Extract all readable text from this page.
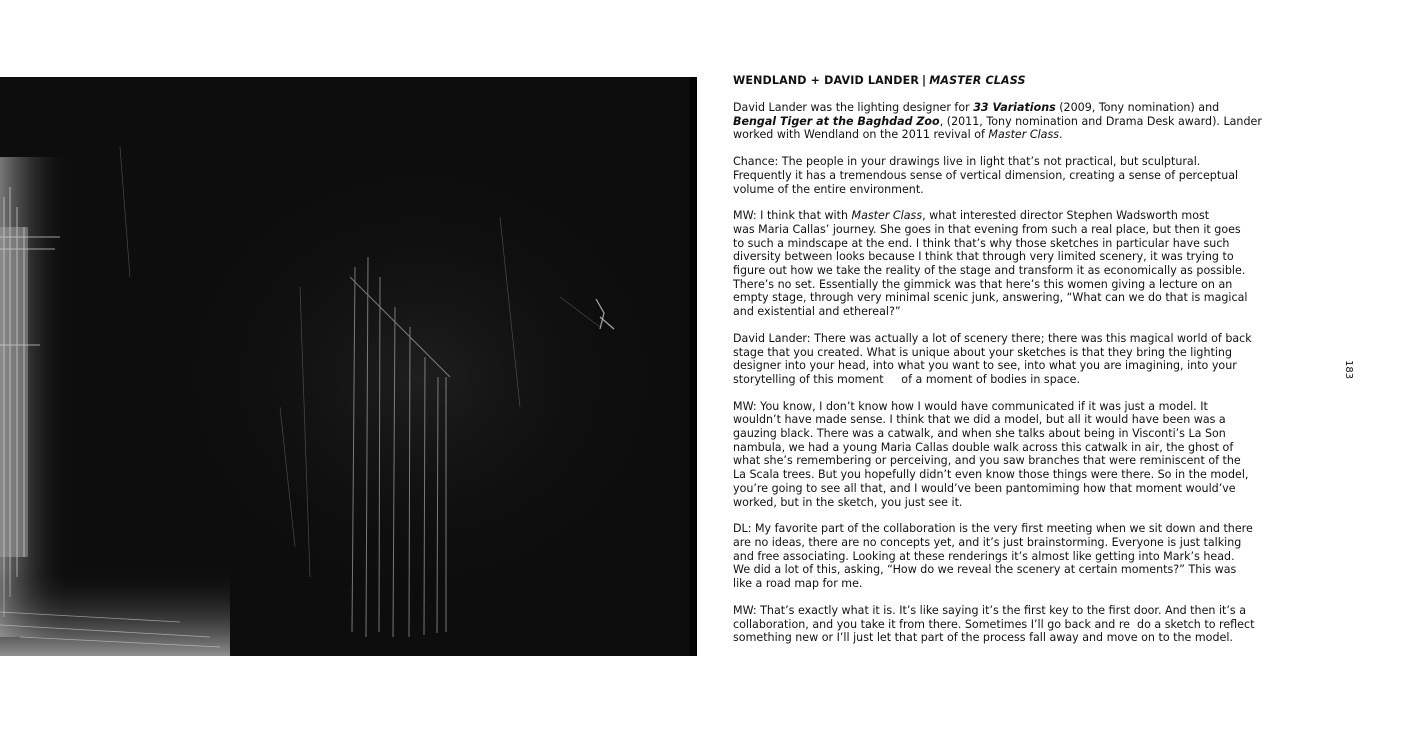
WENDLAND + DAVID LANDER | MASTER CLASS
David Lander was the lighting designer for 33 Variations (2009, Tony nomination) and
Bengal Tiger at the Baghdad Zoo, (2011, Tony nomination and Drama Desk award). Lander
worked with Wendland on the 2011 revival of Master Class.
Chance: The people in your drawings live in light that’s not practical, but sculptural.
Frequently it has a tremendous sense of vertical dimension, creating a sense of perceptual
volume of the entire environment.
MW: I think that with Master Class, what interested director Stephen Wadsworth most
was Maria Callas’ journey. She goes in that evening from such a real place, but then it goes
to such a mindscape at the end. I think that’s why those sketches in particular have such
diversity between looks because I think that through very limited scenery, it was trying to
figure out how we take the reality of the stage and transform it as economically as possible.
There’s no set. Essentially the gimmick was that here’s this women giving a lecture on an
empty stage, through very minimal scenic junk, answering, “What can we do that is magical
and existential and ethereal?”
David Lander: There was actually a lot of scenery there; there was this magical world of back
stage that you created. What is unique about your sketches is that they bring the lighting
designer into your head, into what you want to see, into what you are imagining, into your
storytelling of this moment     of a moment of bodies in space.
MW: You know, I don’t know how I would have communicated if it was just a model. It
wouldn’t have made sense. I think that we did a model, but all it would have been was a
gauzing black. There was a catwalk, and when she talks about being in Visconti’s La Son
nambula, we had a young Maria Callas double walk across this catwalk in air, the ghost of
what she’s remembering or perceiving, and you saw branches that were reminiscent of the
La Scala trees. But you hopefully didn’t even know those things were there. So in the model,
you’re going to see all that, and I would’ve been pantomiming how that moment would’ve
worked, but in the sketch, you just see it.
DL: My favorite part of the collaboration is the very first meeting when we sit down and there
are no ideas, there are no concepts yet, and it’s just brainstorming. Everyone is just talking
and free associating. Looking at these renderings it’s almost like getting into Mark’s head.
We did a lot of this, asking, “How do we reveal the scenery at certain moments?” This was
like a road map for me.
MW: That’s exactly what it is. It’s like saying it’s the first key to the first door. And then it’s a
collaboration, and you take it from there. Sometimes I’ll go back and re  do a sketch to reflect
something new or I’ll just let that part of the process fall away and move on to the model.
183
